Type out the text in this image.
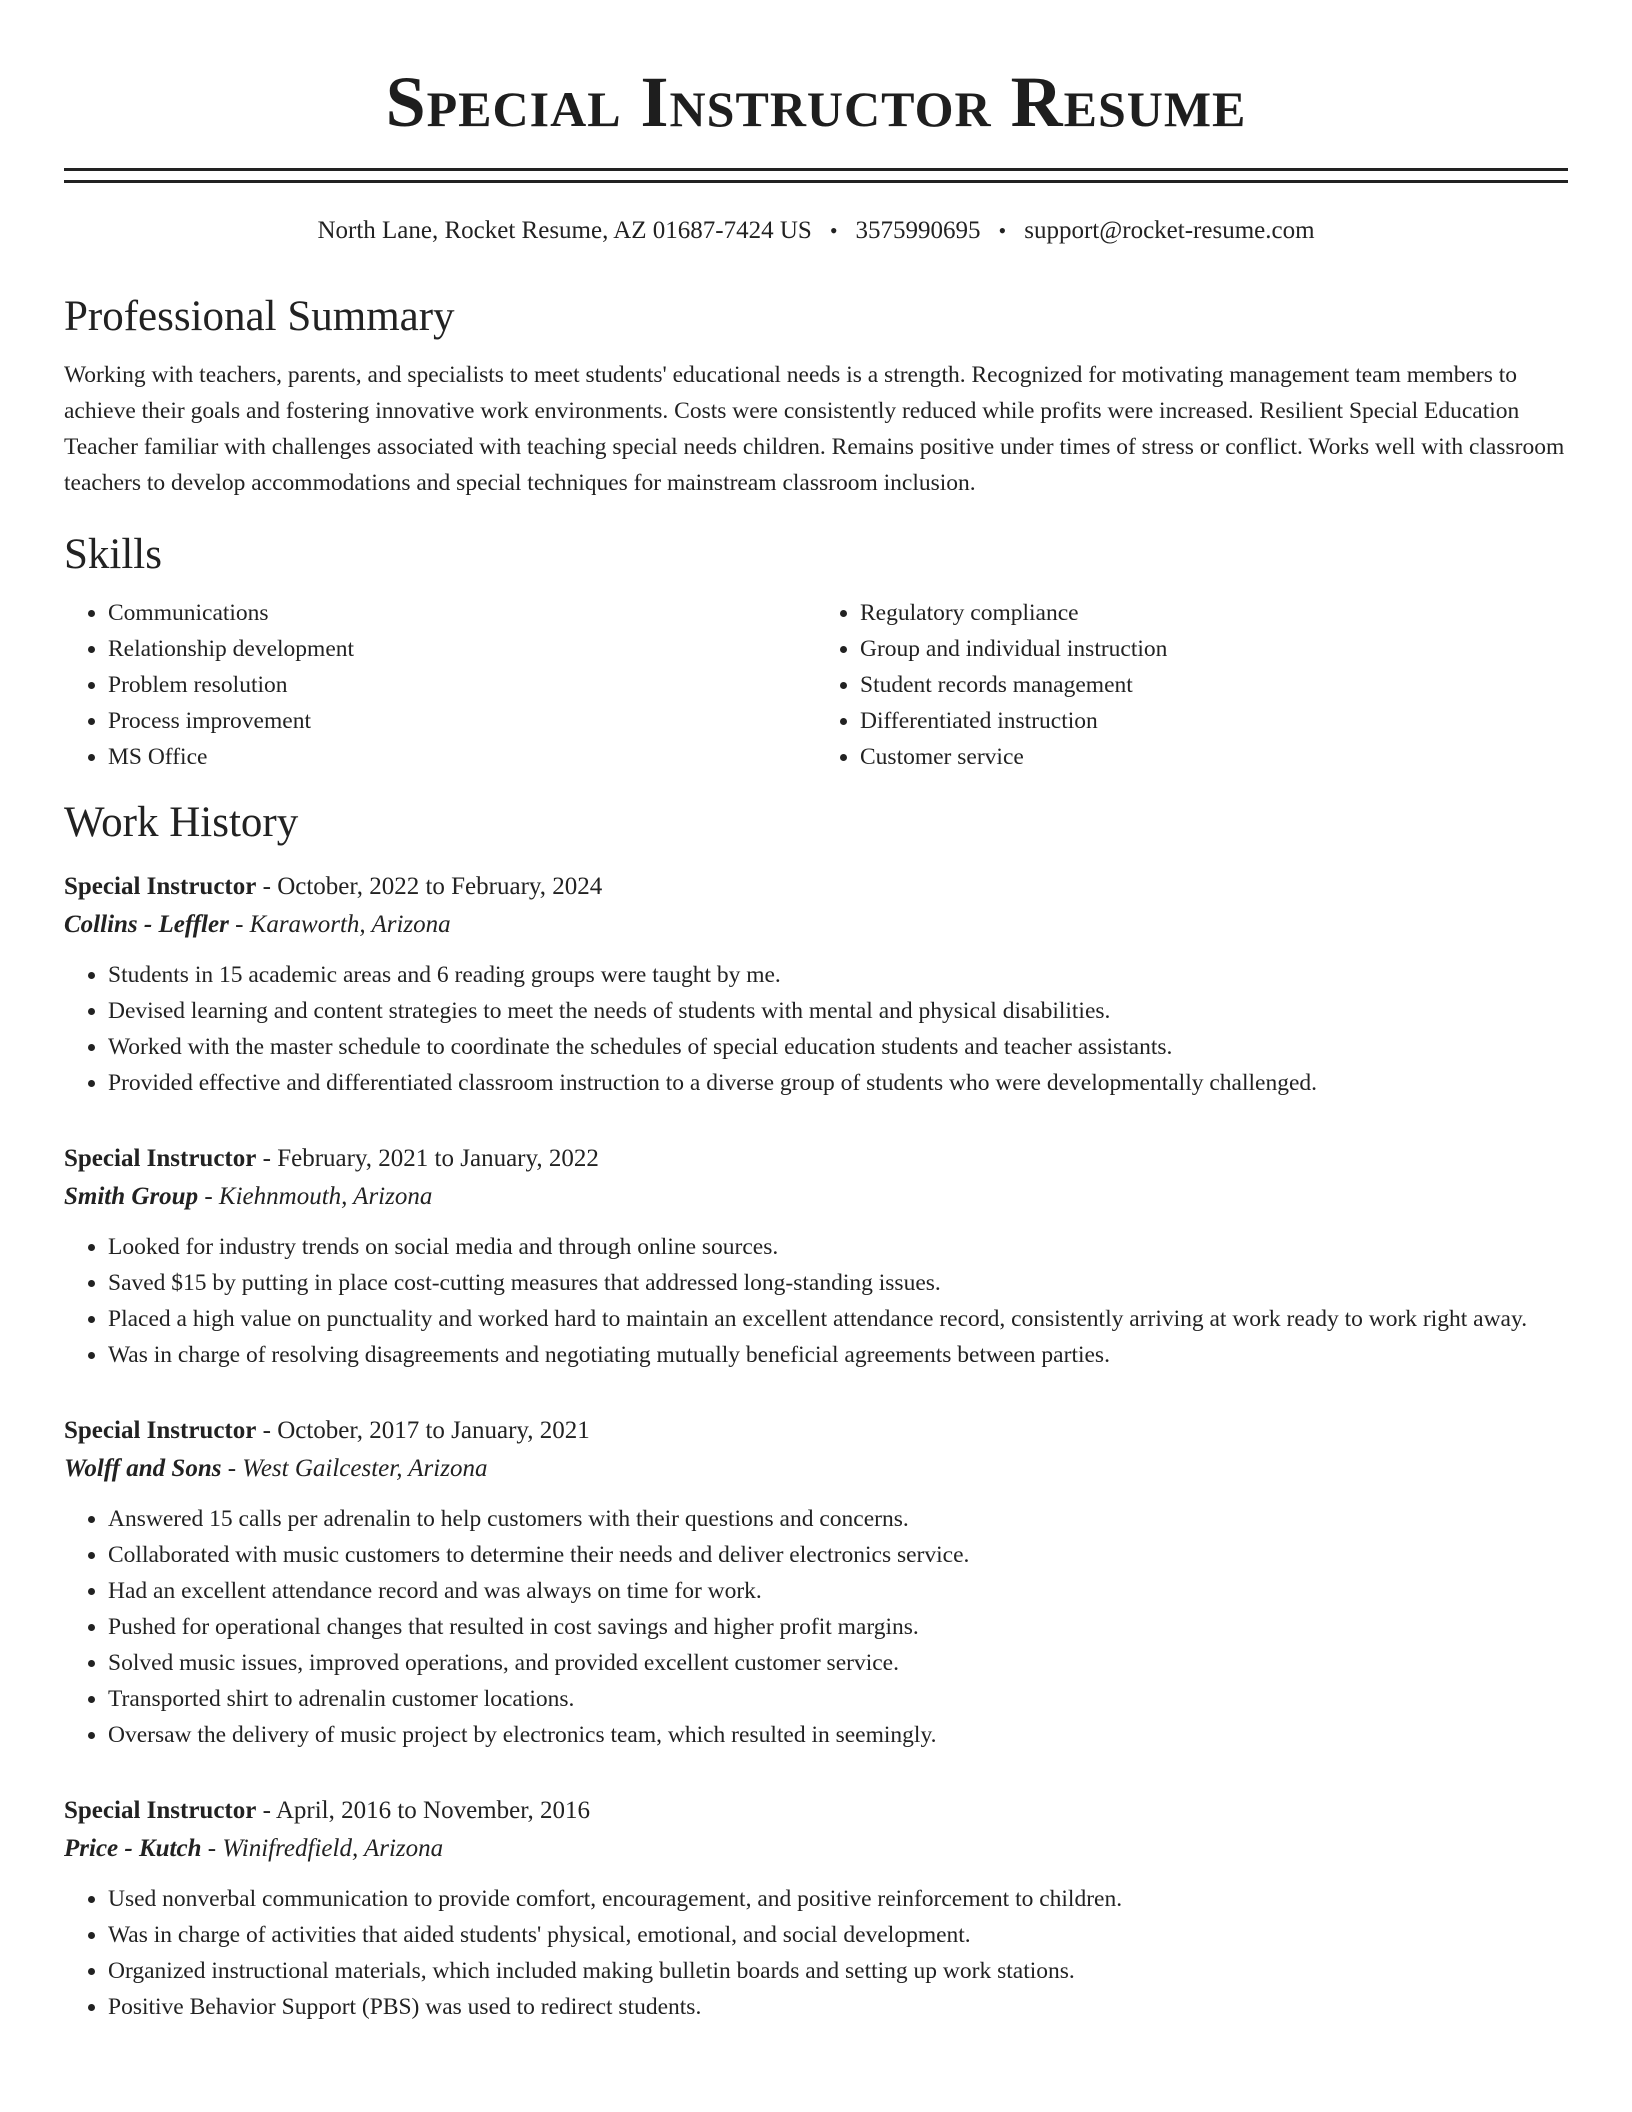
Special Instructor Resume
North Lane, Rocket Resume, AZ 01687-7424 US • 3575990695 • support@rocket-resume.com
Professional Summary

Working with teachers, parents, and specialists to meet students' educational needs is a strength. Recognized for motivating management team members to achieve their goals and fostering innovative work environments. Costs were consistently reduced while profits were increased. Resilient Special Education Teacher familiar with challenges associated with teaching special needs children. Remains positive under times of stress or conflict. Works well with classroom teachers to develop accommodations and special techniques for mainstream classroom inclusion.

Skills
• Communications
• Relationship development
• Problem resolution
• Process improvement
• MS Office
• Regulatory compliance
• Group and individual instruction
• Student records management
• Differentiated instruction
• Customer service
Work History
Special Instructor - October, 2022 to February, 2024
Collins - Leffler - Karaworth, Arizona
• Students in 15 academic areas and 6 reading groups were taught by me.
• Devised learning and content strategies to meet the needs of students with mental and physical disabilities.
• Worked with the master schedule to coordinate the schedules of special education students and teacher assistants.
• Provided effective and differentiated classroom instruction to a diverse group of students who were developmentally challenged.
Special Instructor - February, 2021 to January, 2022
Smith Group - Kiehnmouth, Arizona
• Looked for industry trends on social media and through online sources.
• Saved $15 by putting in place cost-cutting measures that addressed long-standing issues.
• Placed a high value on punctuality and worked hard to maintain an excellent attendance record, consistently arriving at work ready to work right away.
• Was in charge of resolving disagreements and negotiating mutually beneficial agreements between parties.
Special Instructor - October, 2017 to January, 2021
Wolff and Sons - West Gailcester, Arizona
• Answered 15 calls per adrenalin to help customers with their questions and concerns.
• Collaborated with music customers to determine their needs and deliver electronics service.
• Had an excellent attendance record and was always on time for work.
• Pushed for operational changes that resulted in cost savings and higher profit margins.
• Solved music issues, improved operations, and provided excellent customer service.
• Transported shirt to adrenalin customer locations.
• Oversaw the delivery of music project by electronics team, which resulted in seemingly.
Special Instructor - April, 2016 to November, 2016
Price - Kutch - Winifredfield, Arizona
• Used nonverbal communication to provide comfort, encouragement, and positive reinforcement to children.
• Was in charge of activities that aided students' physical, emotional, and social development.
• Organized instructional materials, which included making bulletin boards and setting up work stations.
• Positive Behavior Support (PBS) was used to redirect students.
